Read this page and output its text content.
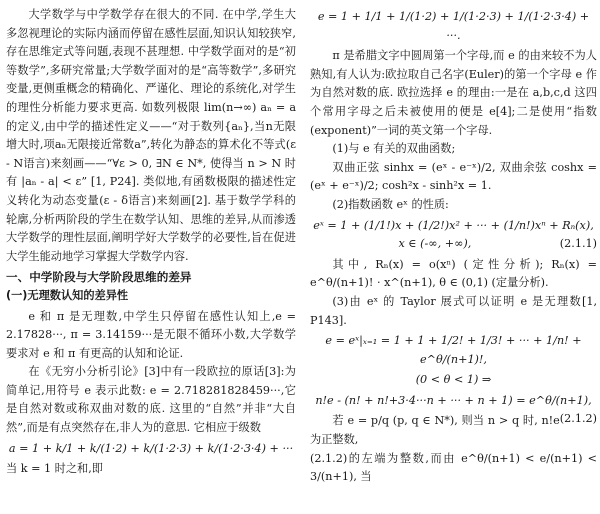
大学数学与中学数学存在很大的不同. 在中学,学生大多忽视理论的实际内涵而停留在感性层面,知识认知较狭窄,存在思维定式等问题,表现不甚理想. 中学数学面对的是“初等数学”,多研究常量;大学数学面对的是“高等数学”,多研究变量,更侧重概念的精确化、严谨化、理论的系统化,对学生的理性分析能力要求更高. 如数列极限 lim(n→∞) aₙ = a 的定义,由中学的描述性定义——“对于数列{aₙ},当n无限增大时,项aₙ无限接近常数a”,转化为静态的算术化不等式(ε - N语言)来刻画——“∀ε > 0, ∃N ∈ N*, 使得当 n > N 时有 |aₙ - a| < ε” [1, P24]. 类似地,有函数极限的描述性定义转化为动态变量(ε - δ语言)来刻画[2]. 基于数学学科的轮廓,分析两阶段的学生在数学认知、思维的差异,从而渗透大学数学的理性层面,阐明学好大学数学的必要性,旨在促进大学生能动地学习掌握大学数学内容.

一、中学阶段与大学阶段思维的差异
(一)无理数认知的差异性

e 和 π 是无理数,中学生只停留在感性认知上,e = 2.17828···, π = 3.14159···是无限不循环小数,大学数学要求对 e 和 π 有更高的认知和论证.

在《无穷小分析引论》[3]中有一段欧拉的原话[3]:为简单记,用符号 e 表示此数: e = 2.718281828459···,它是自然对数或称双曲对数的底. 这里的“自然”并非“大自然”,而是有点突然存在,非人为的意思. 它相应于级数

a = 1 + k/1 + k/(1·2) + k/(1·2·3) + k/(1·2·3·4) + ···

当 k = 1 时之和,即

e = 1 + 1/1 + 1/(1·2) + 1/(1·2·3) + 1/(1·2·3·4) + ···.

π 是希腊文字中圆周第一个字母,而 e 的由来较不为人熟知,有人认为:欧拉取自己名字(Euler)的第一个字母 e 作为自然对数的底. 欧拉选择 e 的理由:一是在 a,b,c,d 这四个常用字母之后未被使用的便是 e[4];二是使用“指数(exponent)”一词的英文第一个字母.

(1)与 e 有关的双曲函数;

双曲正弦 sinhx = (eˣ - e⁻ˣ)/2, 双曲余弦 coshx = (eˣ + e⁻ˣ)/2; cosh²x - sinh²x = 1.

(2)指数函数 eˣ 的性质:

eˣ = 1 + (1/1!)x + (1/2!)x² + ··· + (1/n!)xⁿ + Rₙ(x), x ∈ (-∞, +∞),	(2.1.1)

其中, Rₙ(x) = o(xⁿ) (定性分析); Rₙ(x) = e^θ/(n+1)! · x^(n+1), θ ∈ (0,1) (定量分析).

(3)由 eˣ 的 Taylor 展式可以证明 e 是无理数[1, P143].

e = eˣ|ₓ₌₁ = 1 + 1 + 1/2! + 1/3! + ··· + 1/n! + e^θ/(n+1)!,
(0 < θ < 1) ⇒
n!e - (n! + n!+3·4···n + ··· + n + 1) = e^θ/(n+1),
(2.1.2)

若 e = p/q (p, q ∈ N*), 则当 n > q 时, n!e 为正整数,

(2.1.2)的左端为整数,而由 e^θ/(n+1) < e/(n+1) < 3/(n+1), 当
